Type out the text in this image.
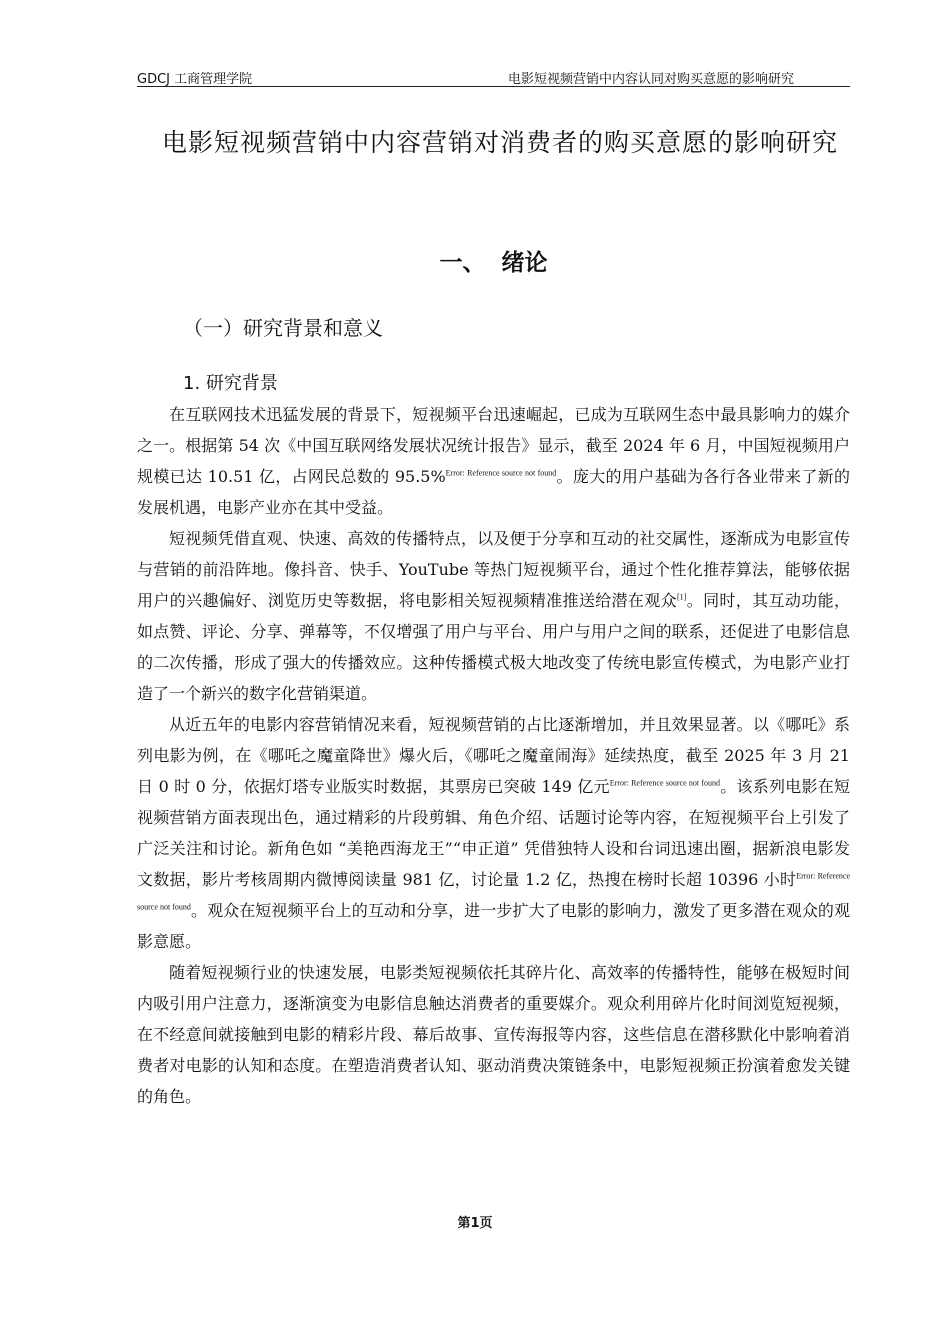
GDCJ 工商管理学院	电影短视频营销中内容认同对购买意愿的影响研究
电影短视频营销中内容营销对消费者的购买意愿的影响研究
一、  绪论
（一）研究背景和意义
1. 研究背景

在互联网技术迅猛发展的背景下，短视频平台迅速崛起，已成为互联网生态中最具影响力的媒介之一。根据第 54 次《中国互联网络发展状况统计报告》显示，截至 2024 年 6 月，中国短视频用户规模已达 10.51 亿，占网民总数的 95.5%$^{Error: Reference source not found}$。庞大的用户基础为各行各业带来了新的发展机遇，电影产业亦在其中受益。

短视频凭借直观、快速、高效的传播特点，以及便于分享和互动的社交属性，逐渐成为电影宣传与营销的前沿阵地。像抖音、快手、YouTube 等热门短视频平台，通过个性化推荐算法，能够依据用户的兴趣偏好、浏览历史等数据，将电影相关短视频精准推送给潜在观众[1]。同时，其互动功能，如点赞、评论、分享、弹幕等，不仅增强了用户与平台、用户与用户之间的联系，还促进了电影信息的二次传播，形成了强大的传播效应。这种传播模式极大地改变了传统电影宣传模式，为电影产业打造了一个新兴的数字化营销渠道。

从近五年的电影内容营销情况来看，短视频营销的占比逐渐增加，并且效果显著。以《哪吒》系列电影为例，在《哪吒之魔童降世》爆火后，《哪吒之魔童闹海》延续热度，截至 2025 年 3 月 21 日 0 时 0 分，依据灯塔专业版实时数据，其票房已突破 149 亿元$^{Error: Reference source not found}$。该系列电影在短视频营销方面表现出色，通过精彩的片段剪辑、角色介绍、话题讨论等内容，在短视频平台上引发了广泛关注和讨论。新角色如 “美艳西海龙王”“申正道” 凭借独特人设和台词迅速出圈，据新浪电影发文数据，影片考核周期内微博阅读量 981 亿，讨论量 1.2 亿，热搜在榜时长超 10396 小时$^{Error: Reference source not found}$。观众在短视频平台上的互动和分享，进一步扩大了电影的影响力，激发了更多潜在观众的观影意愿。

随着短视频行业的快速发展，电影类短视频依托其碎片化、高效率的传播特性，能够在极短时间内吸引用户注意力，逐渐演变为电影信息触达消费者的重要媒介。观众利用碎片化时间浏览短视频，在不经意间就接触到电影的精彩片段、幕后故事、宣传海报等内容，这些信息在潜移默化中影响着消费者对电影的认知和态度。在塑造消费者认知、驱动消费决策链条中，电影短视频正扮演着愈发关键的角色。

第1页
